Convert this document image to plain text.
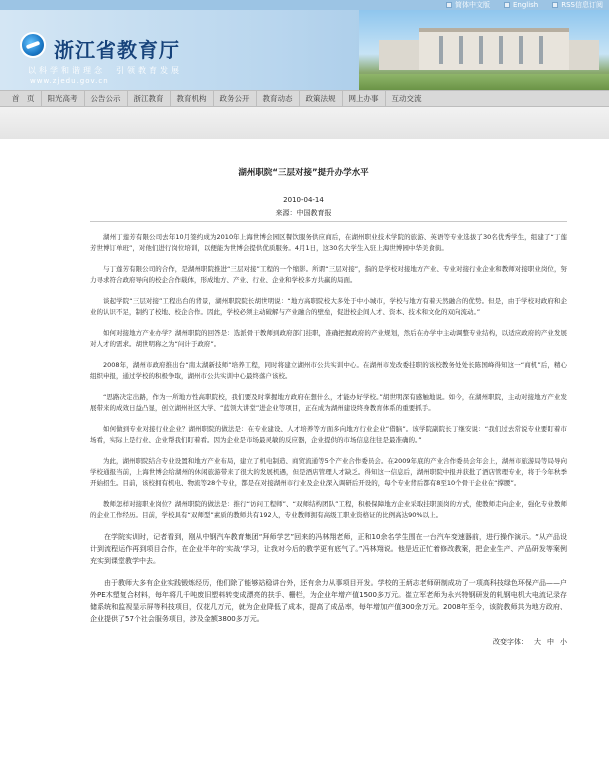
简体中文版	English	RSS信息订阅
浙江省教育厅
以科学和谐理念　引领教育发展
www.zjedu.gov.cn
首　页	阳光高考	公告公示	浙江教育	教育机构	政务公开	教育动态	政策法规	网上办事	互动交流
湖州职院“三层对接”提升办学水平
2010-04-14
来源：中国教育报

湖州丁莲芳有限公司去年10月签约成为2010年上海世博会园区餐饮服务供应商后，在湖州职业技术学院的旅游、英语等专业选拔了30名优秀学生，组建了“丁莲芳世博订单班”，对他们进行岗位培训，以便能为世博会提供优质服务。4月1日，这30名大学生入驻上海世博园中华美食街。

与丁莲芳有限公司的合作，是湖州职院推进“三层对接”工程的一个缩影。所谓“三层对接”，指的是学校对接地方产业、专业对接行业企业和教师对接职业岗位，努力寻求符合政府导向的校企合作载体，形成地方、产业、行业、企业和学校多方共赢的局面。

谈起学院“三层对接”工程出台的背景，湖州职院院长胡世明说：“地方高职院校大多处于中小城市，学校与地方有着天然融合的优势。但是，由于学校对政府和企业的认识不足，制约了校地、校企合作。因此，学校必须主动破解与产业融合的壁垒，促进校企间人才、资本、技术和文化的双向流动。”

如何对接地方产业办学？湖州职院的回答是：选派骨干教师到政府部门挂职，准确把握政府的产业规划，然后在办学中主动调整专业结构，以适应政府的产业发展对人才的需求。胡世明称之为“问计于政府”。

2008年，湖州市政府推出台“南太湖新技师”培养工程，同时将建立湖州市公共实训中心。在湖州市发改委挂职的该校教务处处长陈国峰得知这一“商机”后，精心组织申报，通过学校的积极争取，湖州市公共实训中心最终落户该校。

“思路决定出路，作为一所地方性高职院校，我们要及时掌握地方政府在想什么，才能办好学校。”胡世明深有感触地说。如今，在湖州职院，主动对接地方产业发展带来的成效日益凸显，创立湖州社区大学、“蓝领大讲堂”进企业等项目，正在成为湖州建设终身教育体系的重要抓手。

如何做到专业对接行业企业？湖州职院的做法是：在专业建设、人才培养等方面多向地方行业企业“借脑”。该学院副院长丁继安说：“我们过去常说专业要盯着市场看，实际上是行业、企业帮我们盯着看。因为企业是市场最灵敏的反应器，企业提供的市场信息往往是最准确的。”

为此，湖州职院结合专业设置和地方产业布局，建立了机电制造、商贸流通等5个产业合作委员会。在2009年底的产业合作委员会年会上，湖州市旅游局等局导向学校通报当前，上海世博会给湖州的休闲旅游带来了很大的发展机遇，但是酒店管理人才缺乏。得知这一信息后，湖州职院中报并获批了酒店管理专业，将于今年秋季开始招生。目前，该校拥有机电、物流等28个专业，都是在对接湖州市行业及企业深入调研后开设的，每个专业背后都有8至10个骨干企业在“撑腰”。

教师怎样对接职业岗位？湖州职院的做法是：推行“访问工程师”、“双师结构团队”工程，积极保障地方企业采取挂职顶岗的方式，使教师走向企业，强化专业教师的企业工作经历。目前，学校具有“双师型”素质的教师共有192人，专业教师拥有高级工职业资格证的比例高达90%以上。

在学院实训时，记者看到，刚从中钢汽车教育集团“拜师学艺”回来的冯林翔老师，正和10余名学生围在一台汽车变速器前，进行操作演示。“从产品设计到流程运作再到项目合作，在企业半年的‘实战’学习，让我对今后的教学更有底气了。”冯林翔说。他是近正忙着修改教案，把企业生产、产品研发等案例充实到课堂教学中去。

由于教师大多有企业实践锻炼经历，他们除了能够站稳讲台外，还有余力从事项目开发。学校的王炳志老师研制成功了一项高科技绿色环保产品——户外PE木塑复合材料，每年将几千吨废旧塑料转变成漂亮的扶手、栅栏，为企业年增产值1500多万元。崔立军老师为永兴特钢研发的轧钢电机大电流记录存储系统和监视显示屏等科技项目，仅花几万元，就为企业降低了成本，提高了成品率，每年增加产值300余万元。2008年至今，该院教师共为地方政府、企业提供了57个社会服务项目，涉及金额3800多万元。

改变字体： 大 中 小
